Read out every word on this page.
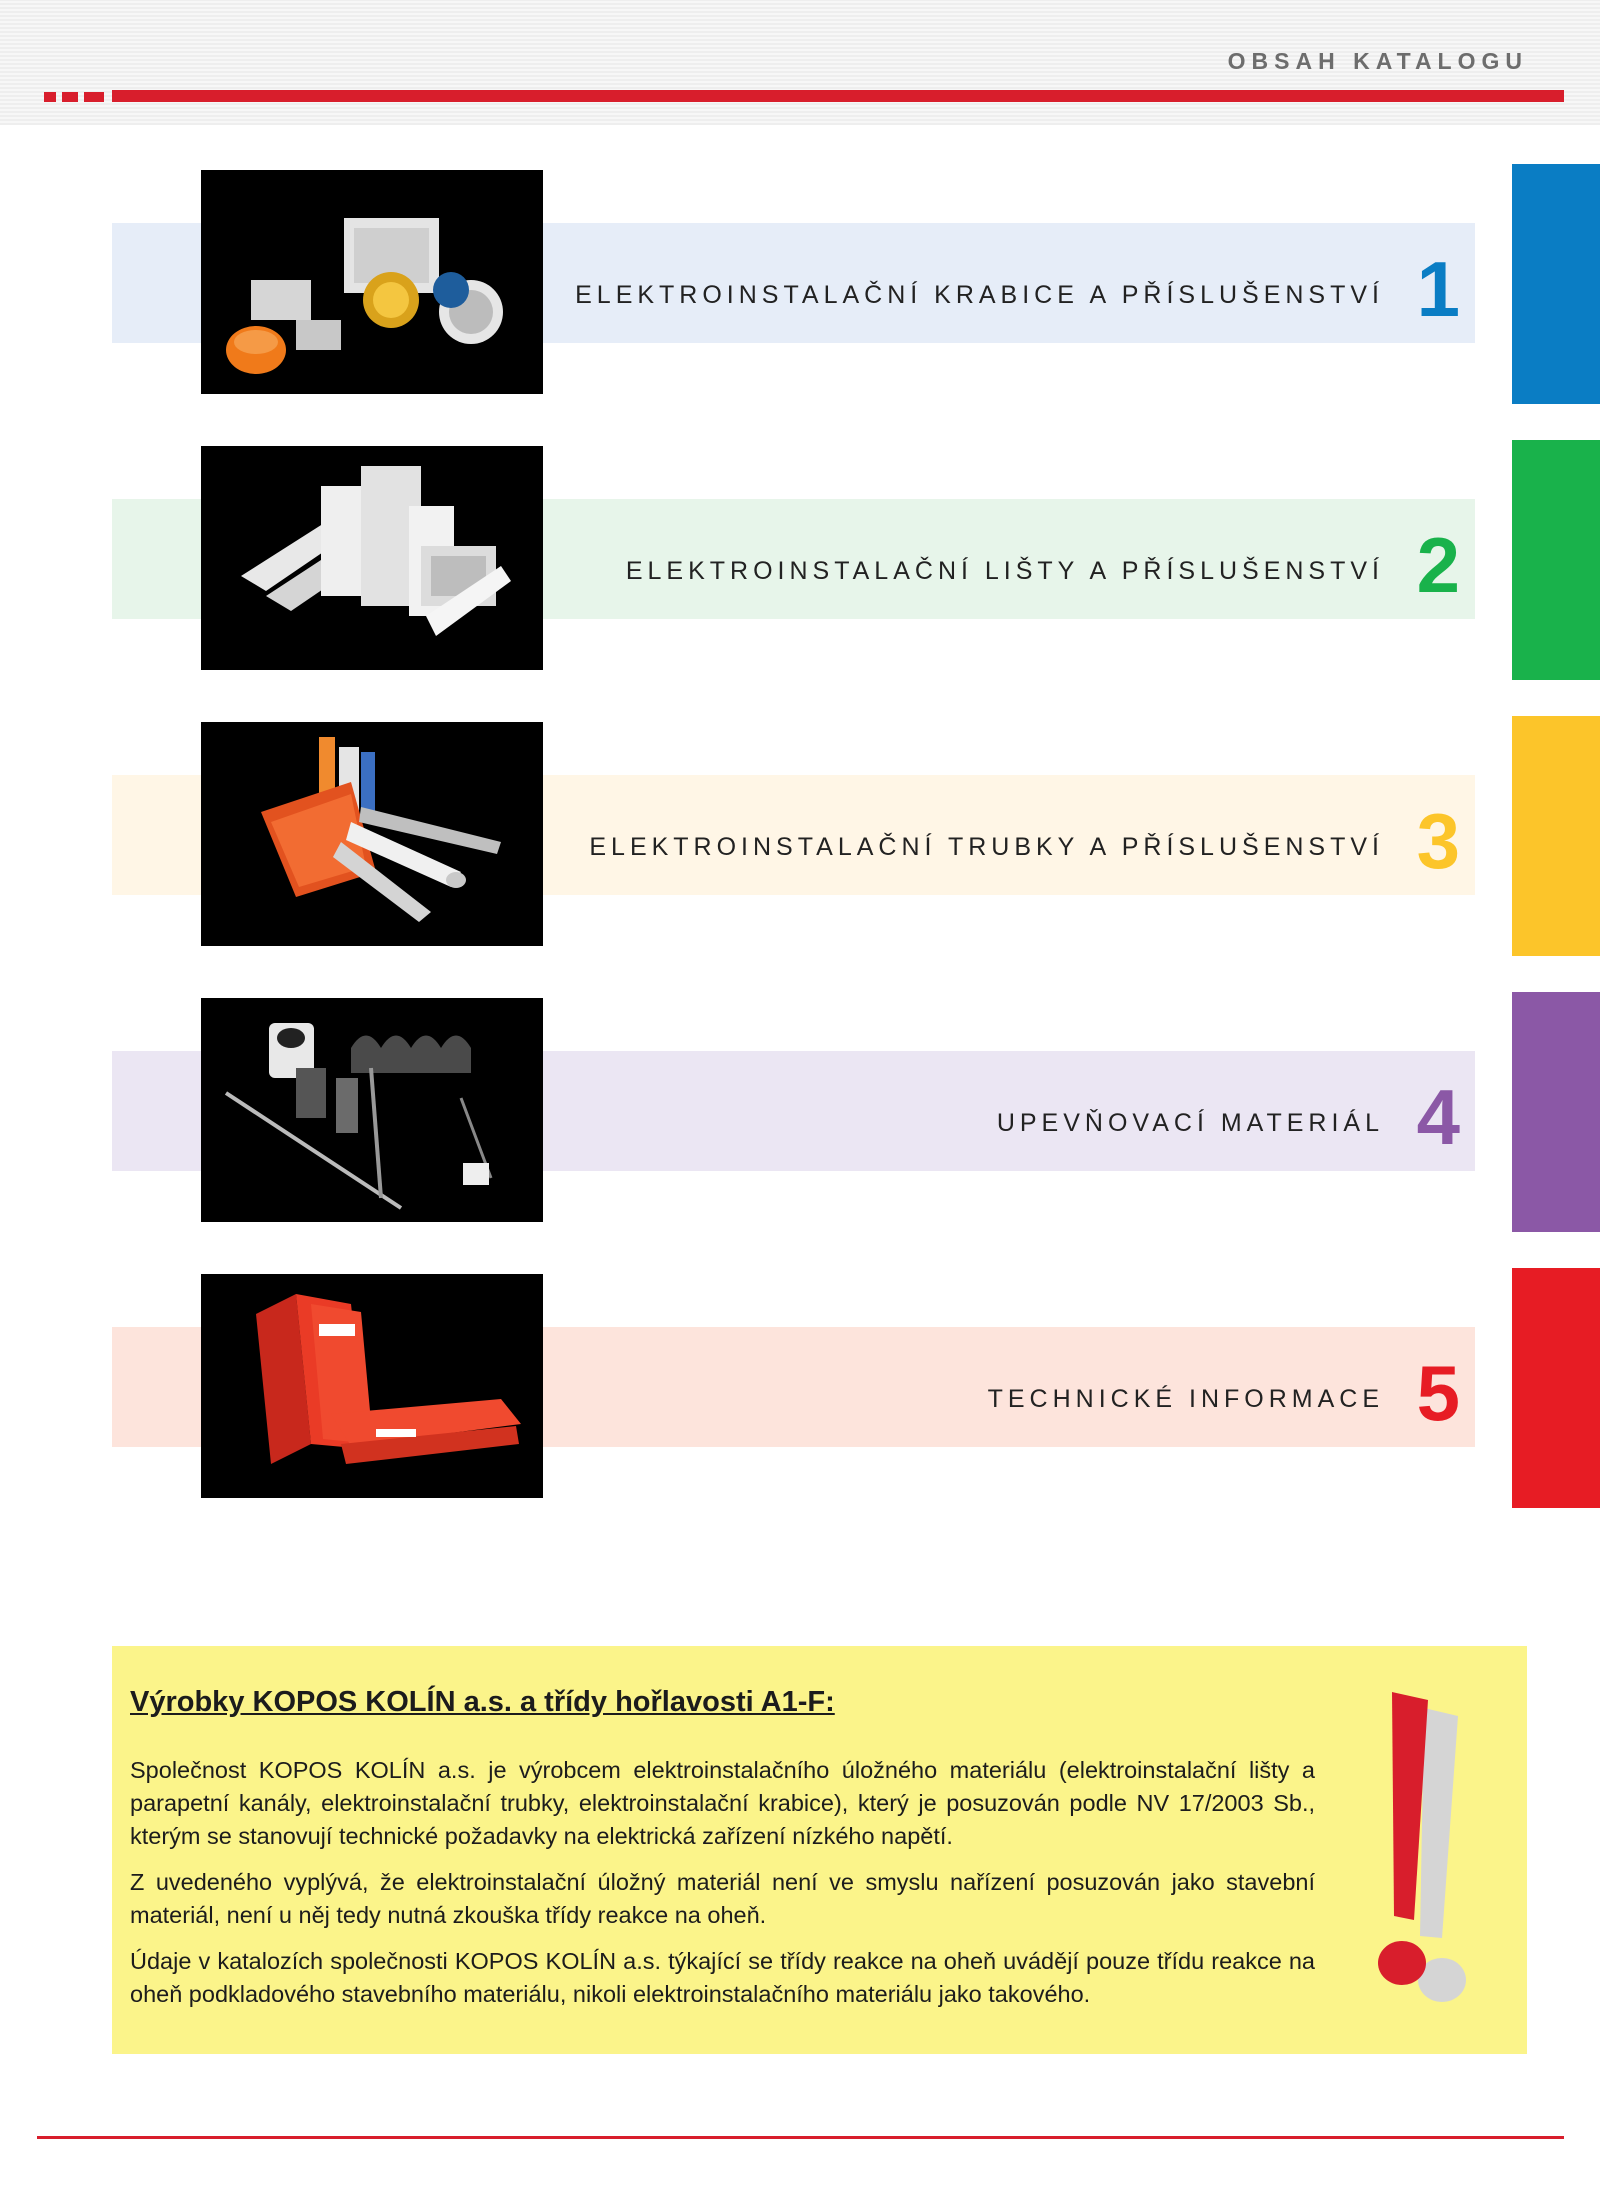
OBSAH KATALOGU
ELEKTROINSTALAČNÍ KRABICE A PŘÍSLUŠENSTVÍ 1
ELEKTROINSTALAČNÍ LIŠTY A PŘÍSLUŠENSTVÍ 2
ELEKTROINSTALAČNÍ TRUBKY A PŘÍSLUŠENSTVÍ 3
UPEVŇOVACÍ MATERIÁL 4
TECHNICKÉ INFORMACE 5
Výrobky KOPOS KOLÍN a.s. a třídy hořlavosti A1-F:

Společnost KOPOS KOLÍN a.s. je výrobcem elektroinstalačního úložného materiálu (elektroinstalační lišty a parapetní kanály, elektroinstalační trubky, elektroinstalační krabice), který je posuzován podle NV 17/2003 Sb., kterým se stanovují technické požadavky na elektrická zařízení nízkého napětí.

Z uvedeného vyplývá, že elektroinstalační úložný materiál není ve smyslu nařízení posuzován jako stavební materiál, není u něj tedy nutná zkouška třídy reakce na oheň.

Údaje v katalozích společnosti KOPOS KOLÍN a.s. týkající se třídy reakce na oheň uvádějí pouze třídu reakce na oheň podkladového stavebního materiálu, nikoli elektroinstalačního materiálu jako takového.
